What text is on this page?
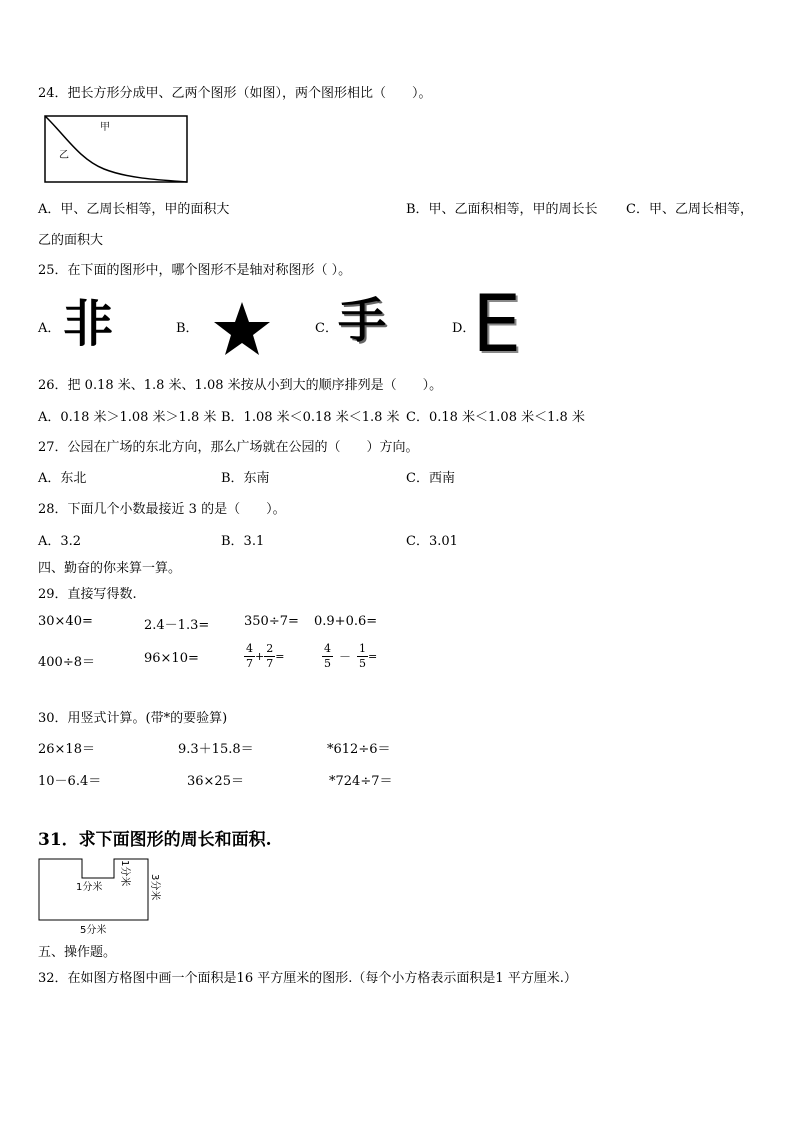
24．把长方形分成甲、乙两个图形（如图），两个图形相比（　　）。
甲
乙
A．甲、乙周长相等，甲的面积大	B．甲、乙面积相等，甲的周长长 C．甲、乙周长相等，
乙的面积大
25．在下面的图形中，哪个图形不是轴对称图形（ ）。
A． 非	B．	C． 手	D．
E
26．把 0.18 米、1.8 米、1.08 米按从小到大的顺序排列是（　　）。
A．0.18 米＞1.08 米＞1.8 米 B．1.08 米＜0.18 米＜1.8 米 C．0.18 米＜1.08 米＜1.8 米
27．公园在广场的东北方向，那么广场就在公园的（　　）方向。
A．东北	B．东南	C．西南
28．下面几个小数最接近 3 的是（　　）。
A．3.2	B．3.1	C．3.01
四、勤奋的你来算一算。
29．直接写得数.
30×40=	2.4－1.3=	350÷7= 0.9+0.6=
400÷8＝	96×10=	$\frac{4}{7} + \frac{2}{7}$ =	$\frac{4}{5} - \frac{1}{5}$ =
30．用竖式计算。(带*的要验算)
26×18＝	9.3＋15.8＝	*612÷6＝
10－6.4＝	36×25＝	*724÷7＝
31．求下面图形的周长和面积.
1分米
1分米
3分米
5分米
五、操作题。
32．在如图方格图中画一个面积是16 平方厘米的图形.（每个小方格表示面积是1 平方厘米.）
